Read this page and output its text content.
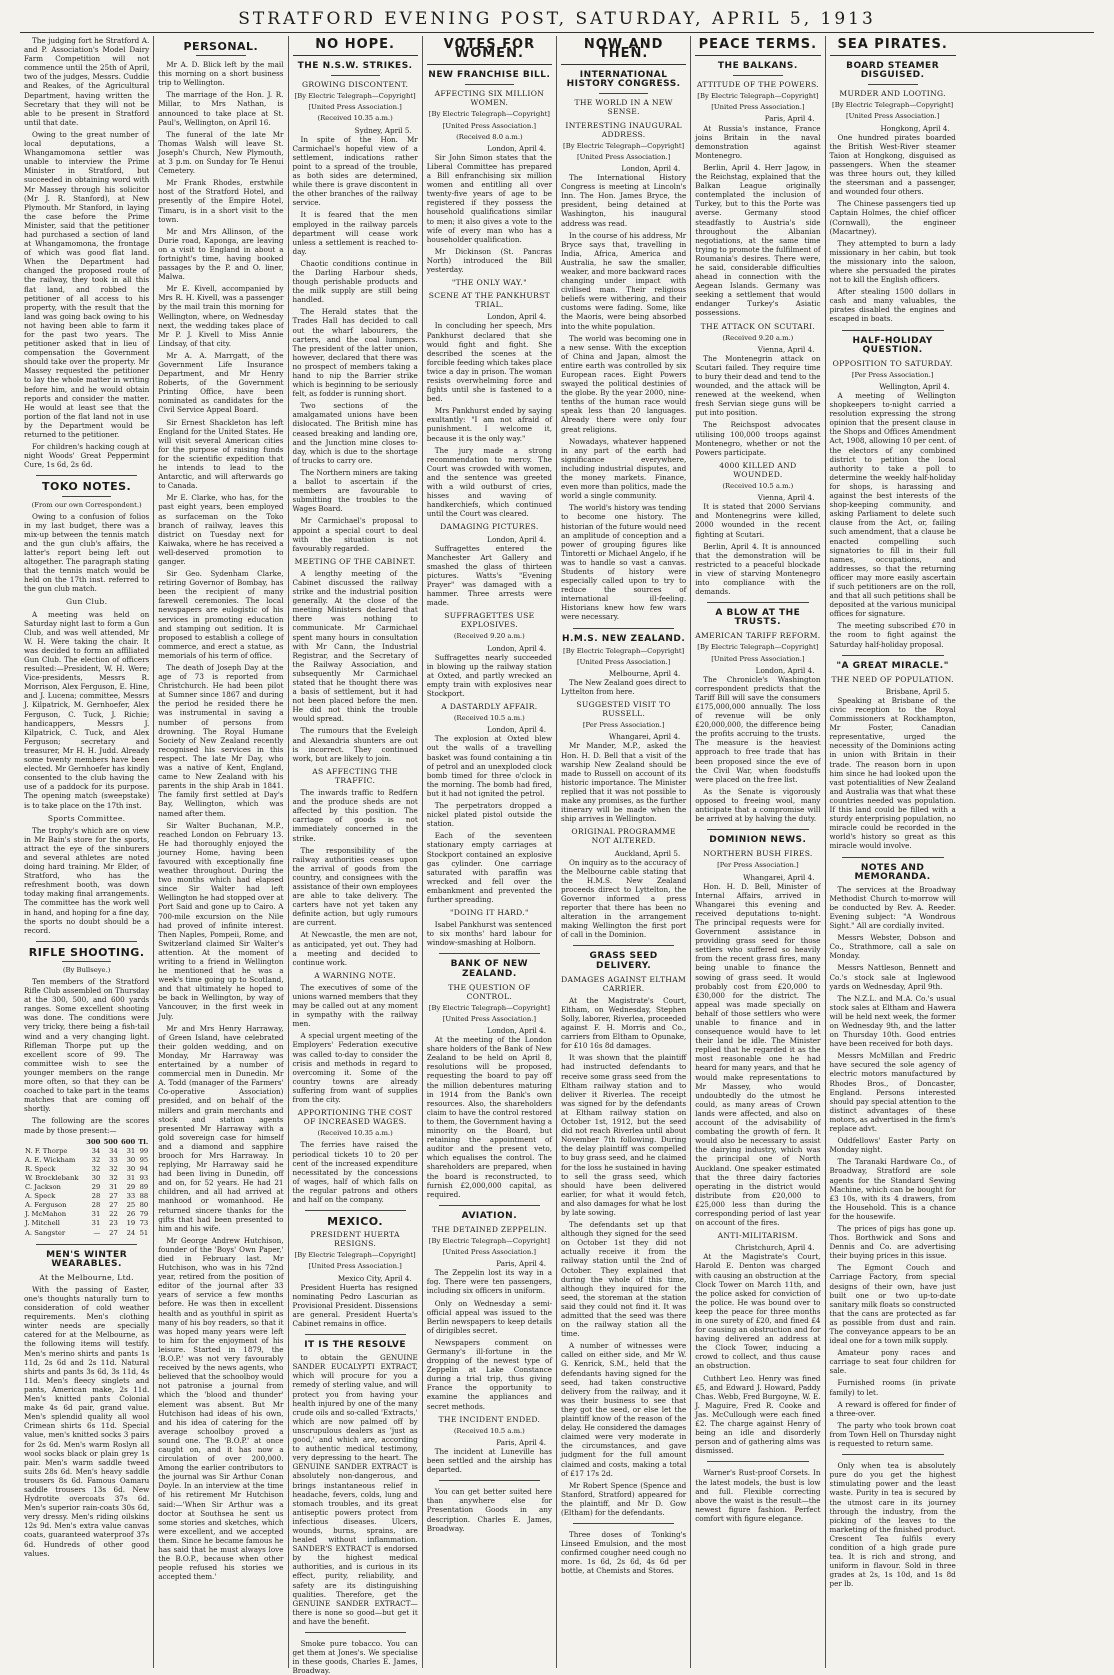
STRATFORD EVENING POST, SATURDAY, APRIL 5, 1913

The judging fort he Stratford A. and P. Association's Model Dairy Farm Competition will not commence until the 25th of April, two of the judges, Messrs. Cuddie and Reakes, of the Agricultural Department, having written the Secretary that they will not be able to be present in Stratford until that date.

Owing to the great number of local deputations, a Whangamomona settler was unable to interview the Prime Minister in Stratford, but succeeded in obtaining word with Mr Massey through his solicitor (Mr J. R. Stanford), at New Plymouth. Mr Stanford, in laying the case before the Prime Minister, said that the petitioner had purchased a section of land at Whangamomona, the frontage of which was good flat land. When the Department had changed the proposed route of the railway, they took in all this flat land, and robbed the petitioner of all access to his property, with the result that the land was going back owing to his not having been able to farm it for the past two years. The petitioner asked that in lieu of compensation the Government should take over the property. Mr Massey requested the petitioner to lay the whole matter in writing before him, and he would obtain reports and consider the matter. He would at least see that the portion of the flat land not in use by the Department would be returned to the petitioner.

For children's hacking cough at night Woods' Great Peppermint Cure, 1s 6d, 2s 6d.

TOKO NOTES.
(From our own Correspondent.)

Owing to a confusion of folios in my last budget, there was a mix-up between the tennis match and the gun club's affairs, the latter's report being left out altogether. The paragraph stating that the tennis match would be held on the 17th inst. referred to the gun club match.

Gun Club.

A meeting was held on Saturday night last to form a Gun Club, and was well attended, Mr W. H. Were taking the chair. It was decided to form an affiliated Gun Club. The election of officers resulted:—President, W. H. Were; Vice-presidents, Messrs R. Morrison, Alex Ferguson, E. Hine, and J. Lucena; committee, Messrs J. Kilpatrick, M. Gernhoefer, Alex Ferguson, C. Tuck, J. Richie; handicappers, Messrs J. Kilpatrick, C. Tuck, and Alex Ferguson; secretary and treasurer, Mr H. H. Judd. Already some twenty members have been elected. Mr Gernhoefer has kindly consented to the club having the use of a paddock for its purpose. The opening match (sweepstake) is to take place on the 17th inst.

Sports Committee.

The trophy's which are on view in Mr Bain's store for the sports, attract the eye of the sinburers and several athletes are noted doing hard training. Mr Elder, of Stratford, who has the refreshment booth, was down today making final arrangements. The committee has the work well in hand, and hoping for a fine day, the sports no doubt should be a record.

RIFLE SHOOTING.
(By Bullseye.)

Ten members of the Stratford Rifle Club assembled on Thursday at the 300, 500, and 600 yards ranges. Some excellent shooting was done. The conditions were very tricky, there being a fish-tail wind and a very changing light. Rifleman Thorpe put up the excellent score of 99. The committee wish to see the younger members on the range more often, so that they can be coached to take part in the teams matches that are coming off shortly.

The following are the scores made by those present:—

	300	500	600	Tl.
N. F. Thorpe	34	34	31	99
A. E. Wickham	32	33	30	95
R. Speck	32	32	30	94
W. Brocklebank	30	32	31	93
C. Jackson	29	31	29	89
A. Speck	28	27	33	88
A. Ferguson	28	27	25	80
J. McMahon	31	22	26	79
J. Mitchell	31	23	19	73
A. Sangster	—	27	24	51
MEN'S WINTER WEARABLES.
At the Melbourne, Ltd.

With the passing of Easter, one's thoughts naturally turn to consideration of cold weather requirements. Men's clothing winter needs are specially catered for at the Melbourne, as the following items will testify. Men's merino shirts and pants 1s 11d, 2s 6d and 2s 11d. Natural shirts and pants 3s 6d, 3s 11d, 4s 11d. Men's fleecy singlets and pants, American make, 2s 11d. Men's knitted pants Colonial make 4s 6d pair, grand value. Men's splendid quality all wool Crimean shirts 6s 11d. Special value, men's knitted socks 3 pairs for 2s 6d. Men's warm Roslyn all wool socks black or plain grey 1s pair. Men's warm saddle tweed suits 28s 6d. Men's heavy saddle trousers 8s 6d. Famous Oamaru saddle trousers 13s 6d. New Hydrotite overcoats 37s 6d. Men's superior rain-coats 30s 6d, very dressy. Men's riding oilskins 12s 9d. Men's extra value canvas coats, guaranteed waterproof 37s 6d. Hundreds of other good values.

PERSONAL.

Mr A. D. Blick left by the mail this morning on a short business trip to Wellington.

The marriage of the Hon. J. R. Millar, to Mrs Nathan, is announced to take place at St. Paul's, Wellington, on April 16.

The funeral of the late Mr Thomas Walsh will leave St. Joseph's Church, New Plymouth, at 3 p.m. on Sunday for Te Henui Cemetery.

Mr Frank Rhodes, erstwhile host of the Stratford Hotel, and presently of the Empire Hotel, Timaru, is in a short visit to the town.

Mr and Mrs Allinson, of the Durie road, Kaponga, are leaving on a visit to England in about a fortnight's time, having booked passages by the P. and O. liner, Malwa.

Mr E. Kivell, accompanied by Mrs R. H. Kivell, was a passenger by the mail train this morning for Wellington, where, on Wednesday next, the wedding takes place of Mr P. J. Kivell to Miss Annie Lindsay, of that city.

Mr A. A. Marrgatt, of the Government Life Insurance Department, and Mr Henry Roberts, of the Government Printing Office, have been nominated as candidates for the Civil Service Appeal Board.

Sir Ernest Shackleton has left England for the United States. He will visit several American cities for the purpose of raising funds for the scientific expedition that he intends to lead to the Antarctic, and will afterwards go to Canada.

Mr E. Clarke, who has, for the past eight years, been employed as surfaceman on the Toko branch of railway, leaves this district on Tuesday next for Kaiwaka, where he has received a well-deserved promotion to ganger.

Sir Geo. Sydenham Clarke, retiring Governor of Bombay, has been the recipient of many farewell ceremonies. The local newspapers are eulogistic of his services in promoting education and stamping out sedition. It is proposed to establish a college of commerce, and erect a statue, as memorials of his term of office.

The death of Joseph Day at the age of 73 is reported from Christchurch. He had been pilot at Sumner since 1867 and during the period he resided there he was instrumental in saving a number of persons from drowning. The Royal Humane Society of New Zealand recently recognised his services in this respect. The late Mr Day, who was a native of Kent, England, came to New Zealand with his parents in the ship Arab in 1841. The family first settled at Day's Bay, Wellington, which was named after them.

Sir Walter Buchanan, M.P., reached London on February 13. He had thoroughly enjoyed the journey Home, having been favoured with exceptionally fine weather throughout. During the two months which had elapsed since Sir Walter had left Wellington he had stopped over at Port Said and gone up to Cairo. A 700-mile excursion on the Nile had proved of infinite interest. Then Naples, Pompeii, Rome, and Switzerland claimed Sir Walter's attention. At the moment of writing to a friend in Wellington he mentioned that he was a week's time going up to Scotland, and that ultimately he hoped to be back in Wellington, by way of Vancouver, in the first week in July.

Mr and Mrs Henry Harraway, of Green Island, have celebrated their golden wedding, and on Monday, Mr Harraway was entertained by a number of commercial men in Dunedin. Mr A. Todd (manager of the Farmers' Co-operative Association) presided, and on behalf of the millers and grain merchants and stock and station agents presented Mr Harraway with a gold sovereign case for himself and a diamond and sapphire brooch for Mrs Harraway. In replying, Mr Harraway said he had been living in Dunedin, off and on, for 52 years. He had 21 children, and all had arrived at manhood or womanhood. He returned sincere thanks for the gifts that had been presented to him and his wife.

Mr George Andrew Hutchison, founder of the 'Boys' Own Paper,' died in February last. Mr Hutchison, who was in his 72nd year, retired from the position of editor of the journal after 33 years of service a few months before. He was then in excellent health and as youthful in spirit as many of his boy readers, so that it was hoped many years were left to him for the enjoyment of his leisure. Started in 1879, the 'B.O.P.' was not very favourably received by the news agents, who believed that the schoolboy would not patronise a journal from which the 'blood and thunder' element was absent. But Mr Hutchison had ideas of his own, and his idea of catering for the average schoolboy proved a sound one. The 'B.O.P.' at once caught on, and it has now a circulation of over 200,000. Among the earlier contributors to the journal was Sir Arthur Conan Doyle. In an interview at the time of his retirement Mr Hutchison said:—'When Sir Arthur was a doctor at Southsea he sent us some stories and sketches, which were excellent, and we accepted them. Since he became famous he has said that he must always love the B.O.P., because when other people refused his stories we accepted them.'

NO HOPE.
THE N.S.W. STRIKES.
GROWING DISCONTENT.
[By Electric Telegraph—Copyright]
[United Press Association.]
(Received 10.35 a.m.)
Sydney, April 5.

In spite of the Hon. Mr Carmichael's hopeful view of a settlement, indications rather point to a spread of the trouble, as both sides are determined, while there is grave discontent in the other branches of the railway service.

It is feared that the men employed in the railway parcels department will cease work unless a settlement is reached to-day.

Chaotic conditions continue in the Darling Harbour sheds, though perishable products and the milk supply are still being handled.

The Herald states that the Trades Hall has decided to call out the wharf labourers, the carters, and the coal lumpers. The president of the latter union, however, declared that there was no prospect of members taking a hand to nip the Barrier strike which is beginning to be seriously felt, as fodder is running short.

Two sections of the amalgamated unions have been dislocated. The British mine has ceased breaking and landing ore, and the Junction mine closes to-day, which is due to the shortage of trucks to carry ore.

The Northern miners are taking a ballot to ascertain if the members are favourable to submitting the troubles to the Wages Board.

Mr Carmichael's proposal to appoint a special court to deal with the situation is not favourably regarded.

MEETING OF THE CABINET.

A lengthy meeting of the Cabinet discussed the railway strike and the industrial position generally. At the close of the meeting Ministers declared that there was nothing to communicate. Mr Carmichael spent many hours in consultation with Mr Cann, the Industrial Registrar, and the Secretary of the Railway Association, and subsequently Mr Carmichael stated that he thought there was a basis of settlement, but it had not been placed before the men. He did not think the trouble would spread.

The rumours that the Eveleigh and Alexandria shunters are out is incorrect. They continued work, but are likely to join.

AS AFFECTING THE TRAFFIC.

The inwards traffic to Redfern and the produce sheds are not affected by this position. The carriage of goods is not immediately concerned in the strike.

The responsibility of the railway authorities ceases upon the arrival of goods from the country, and consignees with the assistance of their own employees are able to take delivery. The carters have not yet taken any definite action, but ugly rumours are current.

At Newcastle, the men are not, as anticipated, yet out. They had a meeting and decided to continue work.

A WARNING NOTE.

The executives of some of the unions warned members that they may be called out at any moment in sympathy with the railway men.

A special urgent meeting of the Employers' Federation executive was called to-day to consider the crisis and methods in regard to overcoming it. Some of the country towns are already suffering from want of supplies from the city.

APPORTIONING THE COST OF INCREASED WAGES.
(Received 10.35 a.m.)

The ferries have raised the periodical tickets 10 to 20 per cent of the increased expenditure necessitated by the concessions of wages, half of which falls on the regular patrons and others and half on the company.

MEXICO.
PRESIDENT HUERTA RESIGNS.
[By Electric Telegraph—Copyright]
[United Press Association.]
Mexico City, April 4.

President Huerta has resigned nominating Pedro Lascurian as Provisional President. Dissensions are general. President Huerta's Cabinet remains in office.

IT IS THE RESOLVE

to obtain the GENUINE SANDER EUCALYPTI EXTRACT, which will procure for you a remedy of sterling value, and will protect you from having your health injured by one of the many crude oils and so-called 'Extracts,' which are now palmed off by unscrupulous dealers as 'just as good,' and which are, according to authentic medical testimony, very depressing to the heart. The GENUINE SANDER EXTRACT is absolutely non-dangerous, and brings instantaneous relief in headache, fevers, colds, lung and stomach troubles, and its great antiseptic powers protect from infectious diseases. Ulcers, wounds, burns, sprains, are healed without inflammation. SANDER'S EXTRACT is endorsed by the highest medical authorities, and is curious in its effect, purity, reliability, and safety are its distinguishing qualities. Therefore, get the GENUINE SANDER EXTRACT—there is none so good—but get it and have the benefit.

Smoke pure tobacco. You can get them at Jones's. We specialise in these goods, Charles E. James, Broadway.

VOTES FOR WOMEN.
NEW FRANCHISE BILL.
AFFECTING SIX MILLION WOMEN.
[By Electric Telegraph—Copyright]
[United Press Association.]
(Received 8.0 a.m.)
London, April 4.

Sir John Simon states that the Liberal Committee has prepared a Bill enfranchising six million women and entitling all over twenty-five years of age to be registered if they possess the household qualifications similar to men; it also gives a vote to the wife of every man who has a householder qualification.

Mr Dickinson (St. Pancras North) introduced the Bill yesterday.

"THE ONLY WAY."
SCENE AT THE PANKHURST TRIAL.
London, April 4.

In concluding her speech, Mrs Pankhurst declared that she would fight and fight. She described the scenes at the forcible feeding which takes place twice a day in prison. The woman resists overwhelming force and fights until she is fastened to a bed.

Mrs Pankhurst ended by saying exultantly: "I am not afraid of punishment. I welcome it, because it is the only way."

The jury made a strong recommendation to mercy. The Court was crowded with women, and the sentence was greeted with a wild outburst of cries, hisses and waving of handkerchiefs, which continued until the Court was cleared.

DAMAGING PICTURES.
London, April 4.

Suffragettes entered the Manchester Art Gallery and smashed the glass of thirteen pictures. Watts's "Evening Prayer" was damaged with a hammer. Three arrests were made.

SUFFRAGETTES USE EXPLOSIVES.
(Received 9.20 a.m.)
London, April 4.

Suffragettes nearly succeeded in blowing up the railway station at Oxted, and partly wrecked an empty train with explosives near Stockport.

A DASTARDLY AFFAIR.
(Received 10.5 a.m.)
London, April 4.

The explosion at Oxted blew out the walls of a travelling basket was found containing a tin of petrol and an unexploded clock bomb timed for three o'clock in the morning. The bomb had fired, but it had not ignited the petrol.

The perpetrators dropped a nickel plated pistol outside the station.

Each of the seventeen stationary empty carriages at Stockport contained an explosive gas cylinder. One carriage saturated with paraffin was wrecked and fell over the embankment and prevented the further spreading.

"DOING IT HARD."

Isabel Pankhurst was sentenced to six months' hard labour for window-smashing at Holborn.

BANK OF NEW ZEALAND.
THE QUESTION OF CONTROL.
[By Electric Telegraph—Copyright]
[United Press Association.]
London, April 4.

At the meeting of the London share holders of the Bank of New Zealand to be held on April 8, resolutions will be proposed, requesting the board to pay off the million debentures maturing in 1914 from the Bank's own resources. Also, the shareholders claim to have the control restored to them, the Government having a minority on the Board, but retaining the appointment of auditor and the present veto, which equalises the control. The shareholders are prepared, when the board is reconstructed, to furnish £2,000,000 capital, as required.

AVIATION.
THE DETAINED ZEPPELIN.
[By Electric Telegraph—Copyright]
[United Press Association.]
Paris, April 4.

The Zeppelin lost its way in a fog. There were ten passengers, including six officers in uniform.

Only on Wednesday a semi-official appeal was issued to the Berlin newspapers to keep details of dirigibles secret.

Newspapers comment on Germany's ill-fortune in the dropping of the newest type of Zeppelin at Lake Constance during a trial trip, thus giving France the opportunity to examine the appliances and secret methods.

THE INCIDENT ENDED.
(Received 10.5 a.m.)
Paris, April 4.

The incident at Luneville has been settled and the airship has departed.

You can get better suited here than anywhere else for Presentation Goods in any description. Charles E. James, Broadway.

NOW AND THEN.
INTERNATIONAL HISTORY CONGRESS.
THE WORLD IN A NEW SENSE.
INTERESTING INAUGURAL ADDRESS.
[By Electric Telegraph—Copyright]
[United Press Association.]
London, April 4.

The International History Congress is meeting at Lincoln's Inn. The Hon. James Bryce, the president, being detained at Washington, his inaugural address was read.

In the course of his address, Mr Bryce says that, travelling in India, Africa, America and Australia, he saw the smaller, weaker, and more backward races changing under impact with civilised man. Their religious beliefs were withering, and their customs were fading. Some, like the Maoris, were being absorbed into the white population.

The world was becoming one in a new sense. With the exception of China and Japan, almost the entire earth was controlled by six European races. Eight Powers swayed the political destinies of the globe. By the year 2000, nine-tenths of the human race would speak less than 20 languages. Already there were only four great religions.

Nowadays, whatever happened in any part of the earth had significance everywhere, including industrial disputes, and the money markets. Finance, even more than politics, made the world a single community.

The world's history was tending to become one history. The historian of the future would need an amplitude of conception and a power of grouping figures like Tintoretti or Michael Angelo, if he was to handle so vast a canvas. Students of history were especially called upon to try to reduce the sources of international ill-feeling. Historians knew how few wars were necessary.

H.M.S. NEW ZEALAND.
[By Electric Telegraph—Copyright]
[United Press Association.]
Melbourne, April 4.

The New Zealand goes direct to Lyttelton from here.

SUGGESTED VISIT TO RUSSELL.
[Per Press Association.]
Whangarei, April 4.

Mr Mander, M.P., asked the Hon. H. D. Bell that a visit of the warship New Zealand should be made to Russell on account of its historic importance. The Minister replied that it was not possible to make any promises, as the further itinerary will be made when the ship arrives in Wellington.

ORIGINAL PROGRAMME NOT ALTERED.
Auckland, April 5.

On inquiry as to the accuracy of the Melbourne cable stating that the H.M.S. New Zealand proceeds direct to Lyttelton, the Governor informed a press reporter that there has been no alteration in the arrangement making Wellington the first port of call in the Dominion.

GRASS SEED DELIVERY.
DAMAGES AGAINST ELTHAM CARRIER.

At the Magistrate's Court, Eltham, on Wednesday, Stephen Solly, laborer, Riverlea, proceeded against F. H. Morris and Co., carriers from Eltham to Opunake, for £10 16s 8d damages.

It was shown that the plaintiff had instructed defendants to receive some grass seed from the Eltham railway station and to deliver it Riverlea. The receipt was signed for by the defendants at Eltham railway station on October 1st, 1912, but the seed did not reach Riverlea until about November 7th following. During the delay plaintiff was compelled to buy grass seed, and he claimed for the loss he sustained in having to sell the grass seed, which should have been delivered earlier, for what it would fetch, and also damages for what he lost by late sowing.

The defendants set up that although they signed for the seed on October 1st they did not actually receive it from the railway station until the 2nd of October. They explained that during the whole of this time, although they inquired for the seed, the storeman at the station said they could not find it. It was admitted that the seed was there on the railway station all the time.

A number of witnesses were called on either side, and Mr W. G. Kenrick, S.M., held that the defendants having signed for the seed, had taken constructive delivery from the railway, and it was their business to see that they got the seed, or else let the plaintiff know of the reason of the delay. He considered the damages claimed were very moderate in the circumstances, and gave judgment for the full amount claimed and costs, making a total of £17 17s 2d.

Mr Robert Spence (Spence and Stanford, Stratford) appeared for the plaintiff, and Mr D. Gow (Eltham) for the defendants.

Three doses of Tonking's Linseed Emulsion, and the most confirmed cougher need cough no more. 1s 6d, 2s 6d, 4s 6d per bottle, at Chemists and Stores.

PEACE TERMS.
THE BALKANS.
ATTITUDE OF THE POWERS.
[By Electric Telegraph—Copyright]
[United Press Association.]
Paris, April 4.

At Russia's instance, France joins Britain in the naval demonstration against Montenegro.

Berlin, April 4. Herr Jagow, in the Reichstag, explained that the Balkan League originally contemplated the inclusion of Turkey, but to this the Porte was averse. Germany stood steadfastly to Austria's side throughout the Albanian negotiations, at the same time trying to promote the fulfilment of Roumania's desires. There were, he said, considerable difficulties ahead in connection with the Aegean Islands. Germany was seeking a settlement that would endanger Turkey's Asiatic possessions.

THE ATTACK ON SCUTARI.
(Received 9.20 a.m.)
Vienna, April 4.

The Montenegrin attack on Scutari failed. They require time to bury their dead and tend to the wounded, and the attack will be renewed at the weekend, when fresh Servian siege guns will be put into position.

The Reichspost advocates utilising 100,000 troops against Montenegro, whether or not the Powers participate.

4000 KILLED AND WOUNDED.
(Received 10.5 a.m.)
Vienna, April 4.

It is stated that 2000 Servians and Montenegrins were killed, 2000 wounded in the recent fighting at Scutari.

Berlin, April 4. It is announced that the demonstration will be restricted to a peaceful blockade in view of starving Montenegro into compliance with the demands.

A BLOW AT THE TRUSTS.
AMERICAN TARIFF REFORM.
[By Electric Telegraph—Copyright]
[United Press Association.]
London, April 4.

The Chronicle's Washington correspondent predicts that the Tariff Bill will save the consumers £175,000,000 annually. The loss of revenue will be only £20,000,000, the difference being the profits accruing to the trusts. The measure is the heaviest approach to free trade that has been proposed since the eve of the Civil War, when foodstuffs were placed on the free list.

As the Senate is vigorously opposed to freeing wool, many anticipate that a compromise will be arrived at by halving the duty.

DOMINION NEWS.
NORTHERN BUSH FIRES.
[Per Press Association.]
Whangarei, April 4.

Hon. H. D. Bell, Minister of Internal Affairs, arrived in Whangarei this evening and received deputations to-night. The principal requests were for Government assistance in providing grass seed for those settlers who suffered so heavily from the recent grass fires, many being unable to finance the sowing of grass seed. It would probably cost from £20,000 to £30,000 for the district. The appeal was made specially on behalf of those settlers who were unable to finance and in consequence would have to let their land be idle. The Minister replied that he regarded it as the most reasonable one he had heard for many years, and that he would make representations to Mr Massey, who would undoubtedly do the utmost he could, as many areas of Crown lands were affected, and also on account of the advisability of combating the growth of fern. It would also be necessary to assist the dairying industry, which was the principal one of North Auckland. One speaker estimated that the three dairy factories operating in the district would distribute from £20,000 to £25,000 less than during the corresponding period of last year on account of the fires.

ANTI-MILITARISM.
Christchurch, April 4.

At the Magistrate's Court, Harold E. Denton was charged with causing an obstruction at the Clock Tower on March 11th, and the police asked for conviction of the police. He was bound over to keep the peace for three months in one surety of £20, and fined £4 for causing an obstruction and for having delivered an address at the Clock Tower, inducing a crowd to collect, and thus cause an obstruction.

Cuthbert Leo. Henry was fined £5, and Edward J. Howard, Paddy Chas. Webb, Fred Burgoyne, W. E. J. Maguire, Fred R. Cooke and Jas. McCullough were each fined £2. The charge against Henry of being an idle and disorderly person and of gathering alms was dismissed.

Warner's Rust-proof Corsets. In the latest models, the bust is low and full. Flexible correcting above the waist is the result—the newest figure fashion. Perfect comfort with figure elegance.

SEA PIRATES.
BOARD STEAMER DISGUISED.
MURDER AND LOOTING.
[By Electric Telegraph—Copyright]
[United Press Association.]
Hongkong, April 4.

One hundred pirates boarded the British West-River steamer Taion at Hongkong, disguised as passengers. When the steamer was three hours out, they killed the steersman and a passenger, and wounded four others.

The Chinese passengers tied up Captain Holmes, the chief officer (Cornwall), the engineer (Macartney).

They attempted to burn a lady missionary in her cabin, but took the missionary into the saloon, where she persuaded the pirates not to kill the English officers.

After stealing 1500 dollars in cash and many valuables, the pirates disabled the engines and escaped in boats.

HALF-HOLIDAY QUESTION.
OPPOSITION TO SATURDAY.
[Per Press Association.]
Wellington, April 4.

A meeting of Wellington shopkeepers to-night carried a resolution expressing the strong opinion that the present clause in the Shops and Offices Amendment Act, 1908, allowing 10 per cent. of the electors of any combined district to petition the local authority to take a poll to determine the weekly half-holiday for shops, is harassing and against the best interests of the shop-keeping community, and asking Parliament to delete such clause from the Act, or, failing such amendment, that a clause be enacted compelling such signatories to fill in their full names, occupations, and addresses, so that the returning officer may more easily ascertain if such petitioners are on the roll, and that all such petitions shall be deposited at the various municipal offices for signature.

The meeting subscribed £70 in the room to fight against the Saturday half-holiday proposal.

"A GREAT MIRACLE."
THE NEED OF POPULATION.
Brisbane, April 5.

Speaking at Brisbane of the civic reception to the Royal Commissioners at Rockhampton, Mr Foster, Canadian representative, urged the necessity of the Dominions acting in union with Britain in their trade. The reason born in upon him since he had looked upon the vast potentialities of New Zealand and Australia was that what these countries needed was population. If this land could be filled with a sturdy enterprising population, no miracle could be recorded in the world's history so great as this miracle would involve.

NOTES AND MEMORANDA.

The services at the Broadway Methodist Church to-morrow will be conducted by Rev. A. Reeder. Evening subject: "A Wondrous Sight." All are cordially invited.

Messrs Webster, Dobson and Co., Strathmore, call a sale on Monday.

Messrs Nattleson, Bennett and Co.'s stock sale at Inglewood yards on Wednesday, April 9th.

The N.Z.L. and M.A. Co.'s usual stock sales at Eltham and Hawera will be held next week, the former on Wednesday 9th, and the latter on Thursday 10th. Good entries have been received for both days.

Messrs McMillan and Fredric have secured the sole agency of electric motors manufactured by Rhodes Bros., of Doncaster, England. Persons interested should pay special attention to the distinct advantages of these motors, as advertised in the firm's replace advt.

Oddfellows' Easter Party on Monday night.

The Taranaki Hardware Co., of Broadway, Stratford are sole agents for the Standard Sewing Machine, which can be bought for £3 10s, with its 4 drawers, from the Household. This is a chance for the housewife.

The prices of pigs has gone up. Thos. Borthwick and Sons and Dennis and Co. are advertising their buying prices in this issue.

The Egmont Couch and Carriage Factory, from special designs of their own, have just built one or two up-to-date sanitary milk floats so constructed that the cans are protected as far as possible from dust and rain. The conveyance appears to be an ideal one for a town milk supply.

Amateur pony races and carriage to seat four children for sale.

Furnished rooms (in private family) to let.

A reward is offered for finder of a three-over.

The party who took brown coat from Town Hell on Thursday night is requested to return same.

Only when tea is absolutely pure do you get the highest stimulating power and the least waste. Purity in tea is secured by the utmost care in its journey through the industry, from the picking of the leaves to the marketing of the finished product. Crescent Tea fulfils every condition of a high grade pure tea. It is rich and strong, and uniform in flavour. Sold in three grades at 2s, 1s 10d, and 1s 8d per lb.
